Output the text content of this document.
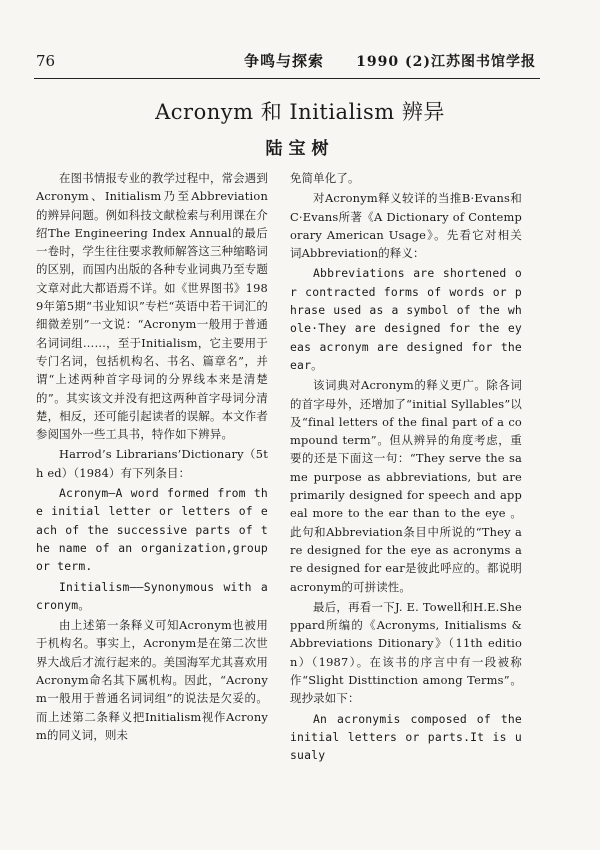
76	争鸣与探索 1990 (2)江苏图书馆学报
Acronym 和 Initialism 辨异
陆宝树

在图书情报专业的教学过程中，常会遇到Acronym、Initialism乃至Abbreviation的辨异问题。例如科技文献检索与利用课在介绍The Engineering Index Annual的最后一卷时，学生往往要求教师解答这三种缩略词的区别，而国内出版的各种专业词典乃至专题文章对此大都语焉不详。如《世界图书》1989年第5期“书业知识”专栏“英语中若干词汇的细微差别”一文说：“Acronym一般用于普通名词词组……，至于Initialism，它主要用于专门名词，包括机构名、书名、篇章名”，并谓“上述两种首字母词的分界线本来是清楚的”。其实该文并没有把这两种首字母词分清楚，相反，还可能引起读者的误解。本文作者参阅国外一些工具书，特作如下辨异。

Harrod’s Librarians’Dictionary（5th ed）（1984）有下列条目：

Acronym—A word formed from the initial letter or letters of each of the successive parts of the name of an organization,group or term.

Initialism——Synonymous with acronym。

由上述第一条释义可知Acronym也被用于机构名。事实上，Acronym是在第二次世界大战后才流行起来的。美国海军尤其喜欢用Acronym命名其下属机构。因此，“Acronym一般用于普通名词词组”的说法是欠妥的。而上述第二条释义把Initialism视作Acronym的同义词，则未

免简单化了。

对Acronym释义较详的当推B·Evans和C·Evans所著《A Dictionary of Contemporary American Usage》。先看它对相关词Abbreviation的释义：

Abbreviations are shortened or contracted forms of words or phrase used as a symbol of the whole·They are designed for the eyeas acronym are designed for the ear。

该词典对Acronym的释义更广。除各词的首字母外，还增加了“initial Syllables”以及“final letters of the final part of a compound term”。但从辨异的角度考虑，重要的还是下面这一句：“They serve the same purpose as abbreviations, but are primarily designed for speech and appeal more to the ear than to the eye 。此句和Abbreviation条目中所说的“They are designed for the eye as acronyms are designed for ear是彼此呼应的。都说明acronym的可拼读性。

最后，再看一下J. E. Towell和H.E.Sheppard所编的《Acronyms, Initialisms & Abbreviations Ditionary》（11th edition）（1987）。在该书的序言中有一段被称作“Slight Disttinction among Terms”。现抄录如下：

An acronymis composed of the initial letters or parts.It is usualy
